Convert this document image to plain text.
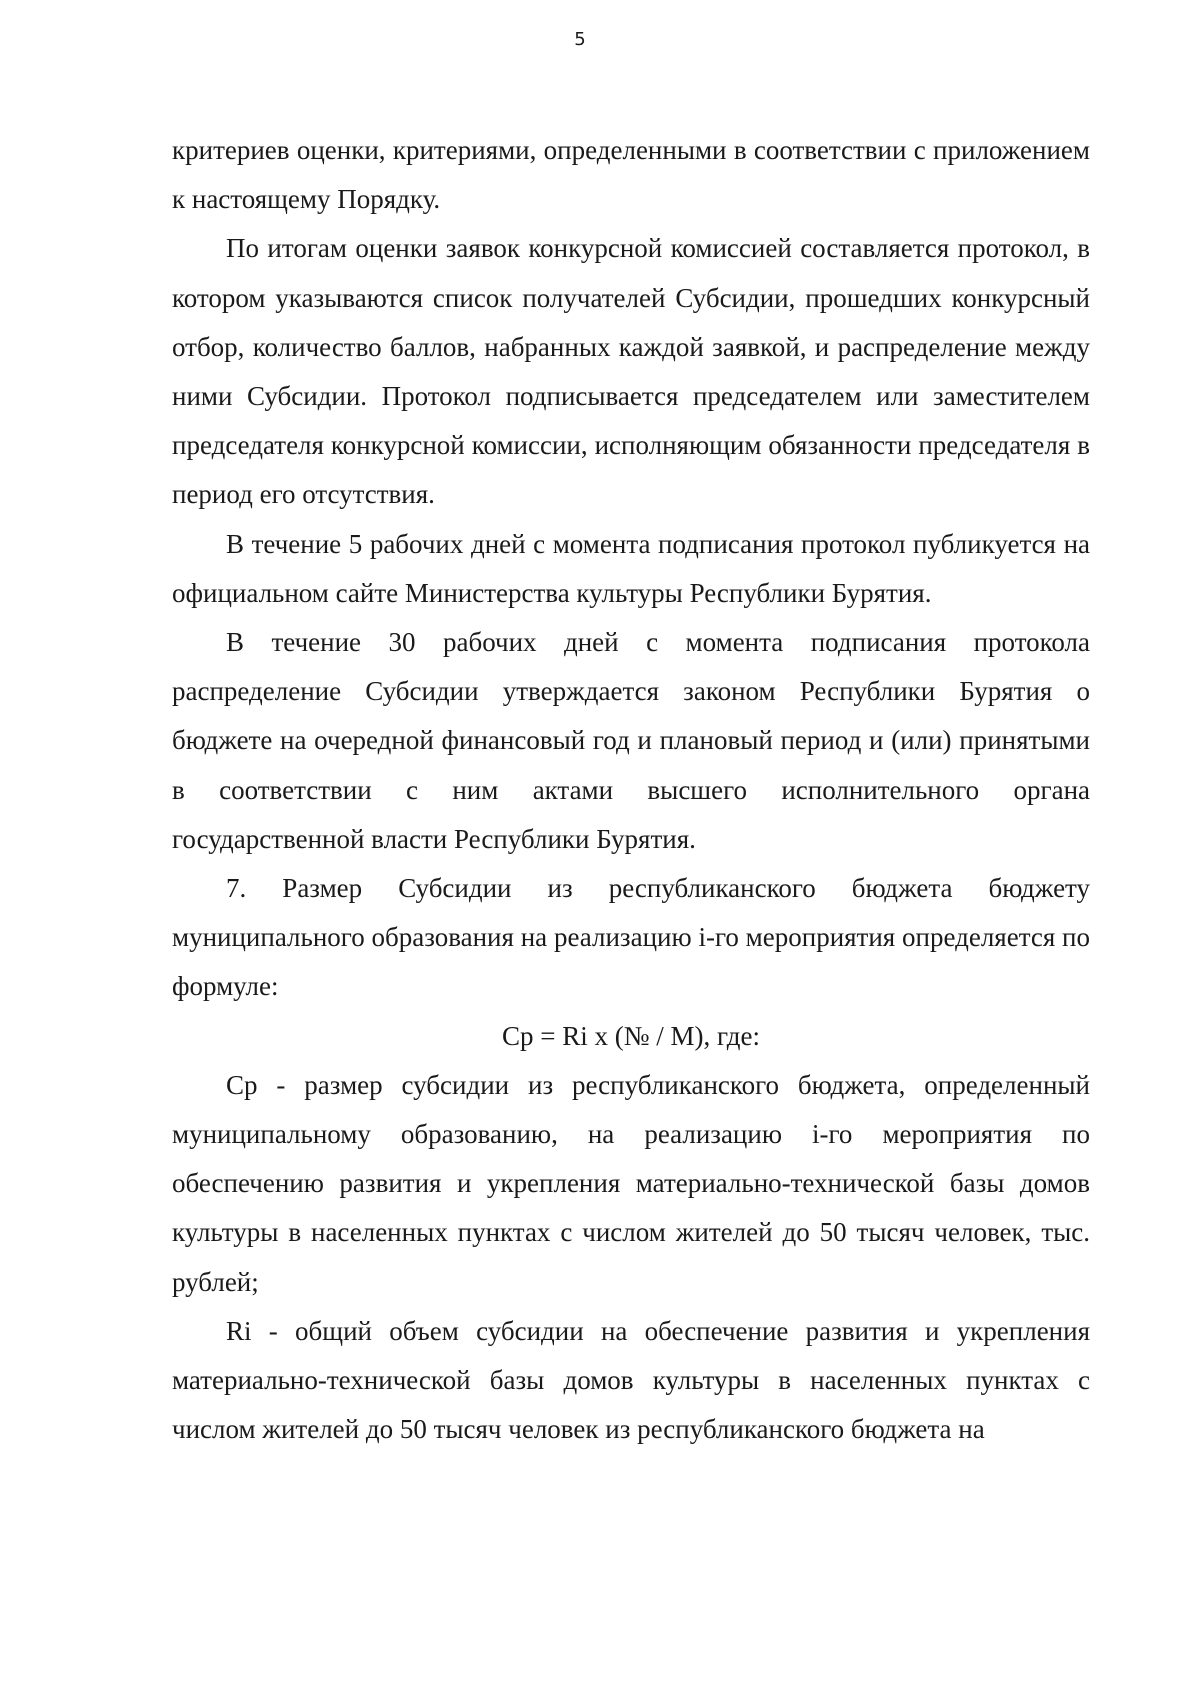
5

критериев оценки, критериями, определенными в соответствии с приложением к настоящему Порядку.

По итогам оценки заявок конкурсной комиссией составляется протокол, в котором указываются список получателей Субсидии, прошедших конкурсный отбор, количество баллов, набранных каждой заявкой, и распределение между ними Субсидии. Протокол подписывается председателем или заместителем председателя конкурсной комиссии, исполняющим обязанности председателя в период его отсутствия.

В течение 5 рабочих дней с момента подписания протокол публикуется на официальном сайте Министерства культуры Республики Бурятия.

В течение 30 рабочих дней с момента подписания протокола распределение Субсидии утверждается законом Республики Бурятия о бюджете на очередной финансовый год и плановый период и (или) принятыми в соответствии с ним актами высшего исполнительного органа государственной власти Республики Бурятия.

7. Размер Субсидии из республиканского бюджета бюджету муниципального образования на реализацию i-го мероприятия определяется по формуле:

Ср = Ri x (№ / M), где:

Ср - размер субсидии из республиканского бюджета, определенный муниципальному образованию, на реализацию i-го мероприятия по обеспечению развития и укрепления материально-технической базы домов культуры в населенных пунктах с числом жителей до 50 тысяч человек, тыс. рублей;

Ri - общий объем субсидии на обеспечение развития и укрепления материально-технической базы домов культуры в населенных пунктах с числом жителей до 50 тысяч человек из республиканского бюджета на
